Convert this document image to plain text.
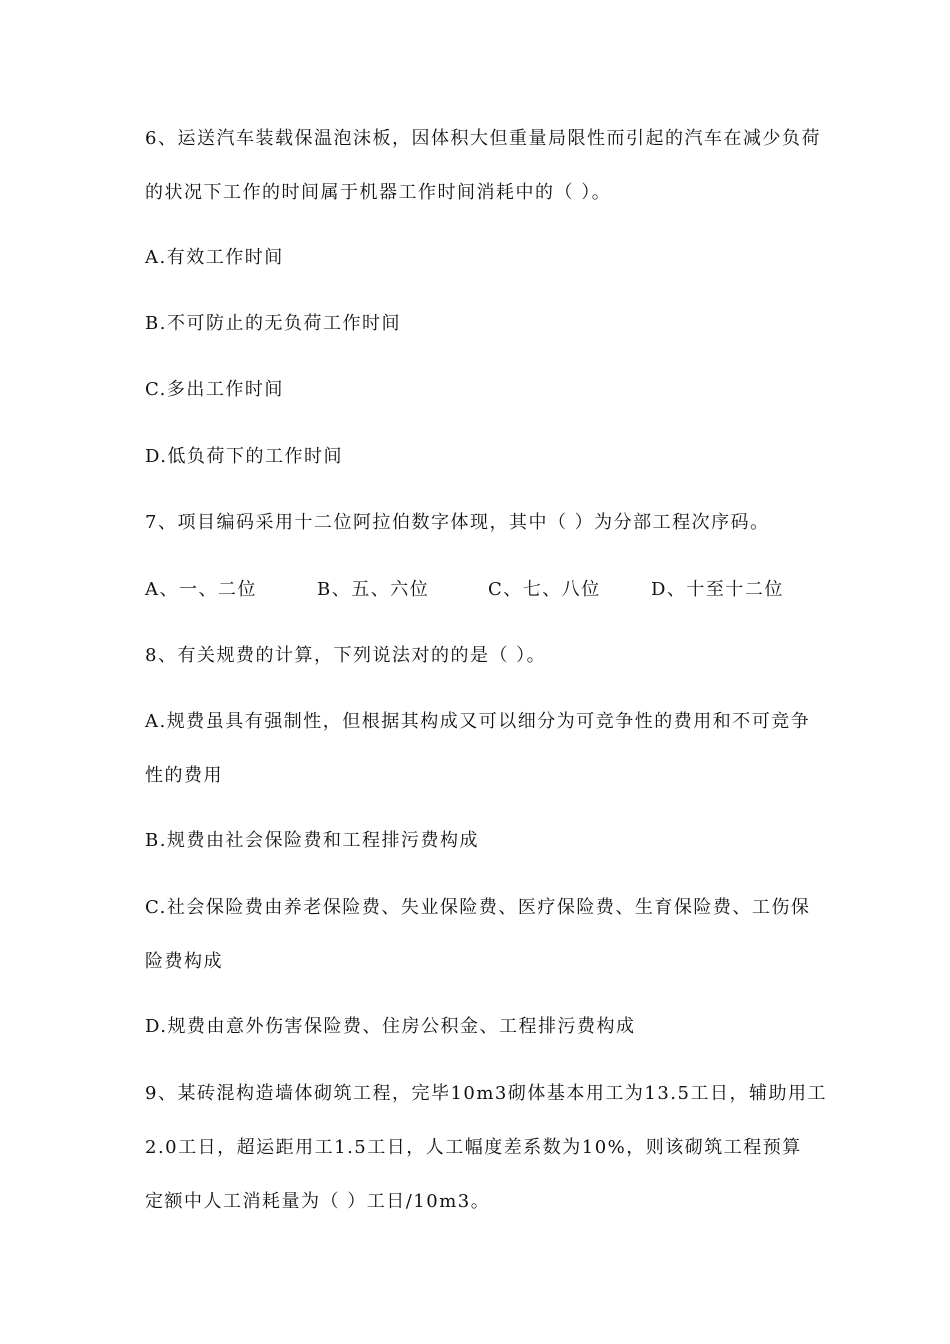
6、运送汽车装载保温泡沫板，因体积大但重量局限性而引起的汽车在减少负荷
的状况下工作的时间属于机器工作时间消耗中的（ ）。
A.有效工作时间
B.不可防止的无负荷工作时间
C.多出工作时间
D.低负荷下的工作时间
7、项目编码采用十二位阿拉伯数字体现，其中（ ）为分部工程次序码。
A、一、二位	B、五、六位	C、七、八位	D、十至十二位
8、有关规费的计算，下列说法对的的是（ ）。
A.规费虽具有强制性，但根据其构成又可以细分为可竞争性的费用和不可竞争
性的费用
B.规费由社会保险费和工程排污费构成
C.社会保险费由养老保险费、失业保险费、医疗保险费、生育保险费、工伤保
险费构成
D.规费由意外伤害保险费、住房公积金、工程排污费构成
9、某砖混构造墙体砌筑工程，完毕10m3砌体基本用工为13.5工日，辅助用工
2.0工日，超运距用工1.5工日，人工幅度差系数为10%，则该砌筑工程预算
定额中人工消耗量为（ ）工日/10m3。
